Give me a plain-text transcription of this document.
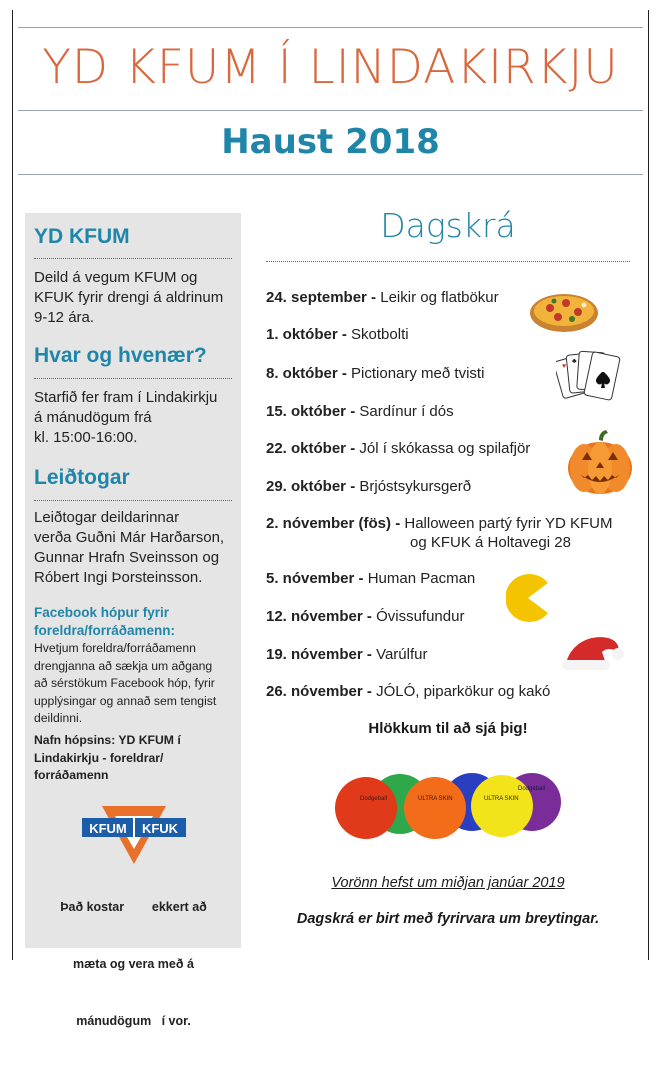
YD KFUM Í LINDAKIRKJU
Haust 2018
YD KFUM
Deild á vegum KFUM og
KFUK fyrir drengi á aldrinum
9-12 ára.
Hvar og hvenær?
Starfið fer fram í Lindakirkju
á mánudögum frá
kl. 15:00-16:00.
Leiðtogar
Leiðtogar deildarinnar
verða Guðni Már Harðarson,
Gunnar Hrafn Sveinsson og
Róbert Ingi Þorsteinsson.
Facebook hópur fyrir
foreldra/forráðamenn:
Hvetjum foreldra/forráðamenn
drengjanna að sækja um aðgang
að sérstökum Facebook hóp, fyrir
upplýsingar og annað sem tengist
deildinni.
Nafn hópsins: YD KFUM í
Lindakirkju - foreldrar/
forráðamenn
KFUM KFUK

Það kostar        ekkert að

mæta og vera með á

mánudögum   í vor.

Dagskrá
24. september - Leikir og flatbökur
1. október - Skotbolti
8. október - Pictionary með tvisti
15. október - Sardínur í dós
22. október - Jól í skókassa og spilafjör
29. október - Brjóstsykursgerð
2. nóvember (fös) - Halloween partý fyrir YD KFUM
og KFUK á Holtavegi 28
5. nóvember - Human Pacman
12. nóvember - Óvissufundur
19. nóvember - Varúlfur
26. nóvember - JÓLÓ, piparkökur og kakó
Hlökkum til að sjá þig!
♥
♣
Dodgeball	ULTRA SKIN	ULTRA SKIN
Dodgeball
Vorönn hefst um miðjan janúar 2019
Dagskrá er birt með fyrirvara um breytingar.
